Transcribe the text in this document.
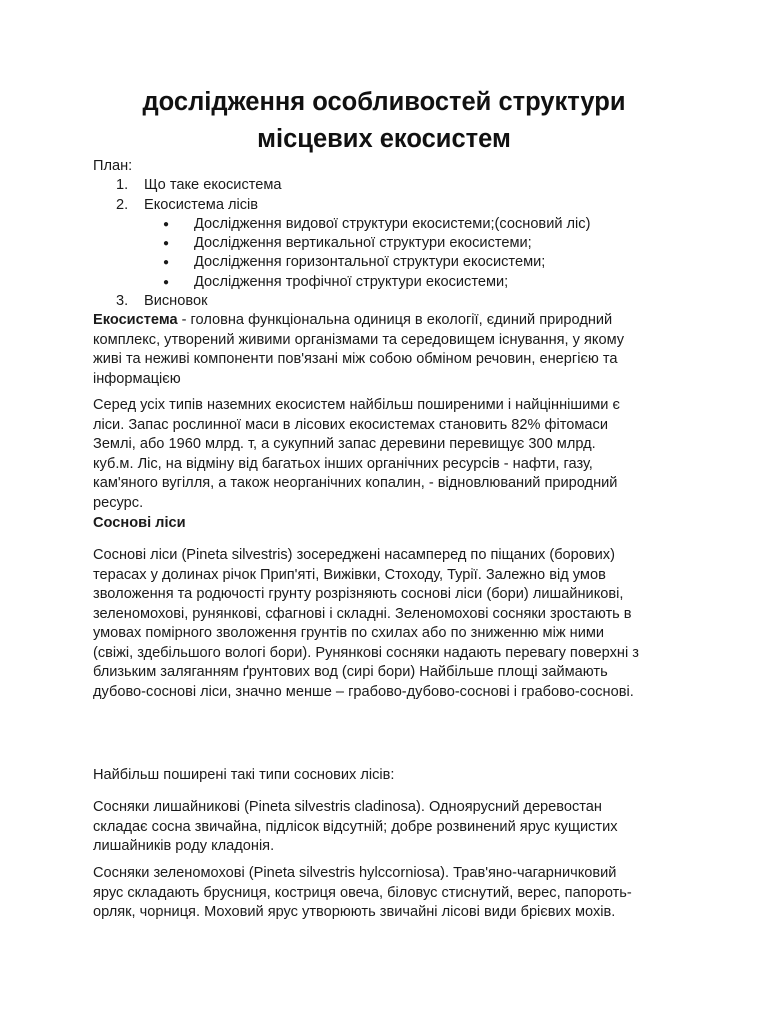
дослідження особливостей структури
місцевих екосистем
План:
1.	Що таке екосистема
2.	Екосистема лісів
● Дослідження видової структури екосистеми;(сосновий ліс)
● Дослідження вертикальної структури екосистеми;
● Дослідження горизонтальної структури екосистеми;
● Дослідження трофічної структури екосистеми;
3.	Висновок
Екосистема - головна функціональна одиниця в екології, єдиний природний
комплекс, утворений живими організмами та середовищем існування, у якому
живі та неживі компоненти пов'язані між собою обміном речовин, енергією та
інформацією
Серед усіх типів наземних екосистем найбільш поширеними і найціннішими є
ліси. Запас рослинної маси в лісових екосистемах становить 82% фітомаси
Землі, або 1960 млрд. т, а сукупний запас деревини перевищує 300 млрд.
куб.м. Ліс, на відміну від багатьох інших органічних ресурсів - нафти, газу,
кам'яного вугілля, а також неорганічних копалин, - відновлюваний природний
ресурс.
Соснові ліси
Соснові ліси (Pineta silvestris) зосереджені насамперед по піщаних (борових)
терасах у долинах річок Прип'яті, Вижівки, Стоходу, Турії. Залежно від умов
зволоження та родючості грунту розрізняють соснові ліси (бори) лишайникові,
зеленомохові, рунянкові, сфагнові і складні. Зеленомохові сосняки зростають в
умовах помірного зволоження грунтів по схилах або по зниженню між ними
(свіжі, здебільшого вологі бори). Рунянкові сосняки надають перевагу поверхні з
близьким заляганням ґрунтових вод (сирі бори) Найбільше площі займають
дубово-соснові ліси, значно менше – грабово-дубово-соснові і грабово-соснові.
Найбільш поширені такі типи соснових лісів:
Сосняки лишайникові (Pineta silvestris cladinosa). Одноярусний деревостан
складає сосна звичайна, підлісок відсутній; добре розвинений ярус кущистих
лишайників роду кладонія.
Сосняки зеленомохові (Pineta silvestris hylccorniosa). Трав'яно-чагарничковий
ярус складають брусниця, костриця овеча, біловус стиснутий, верес, папороть-
орляк, чорниця. Моховий ярус утворюють звичайні лісові види брієвих мохів.
